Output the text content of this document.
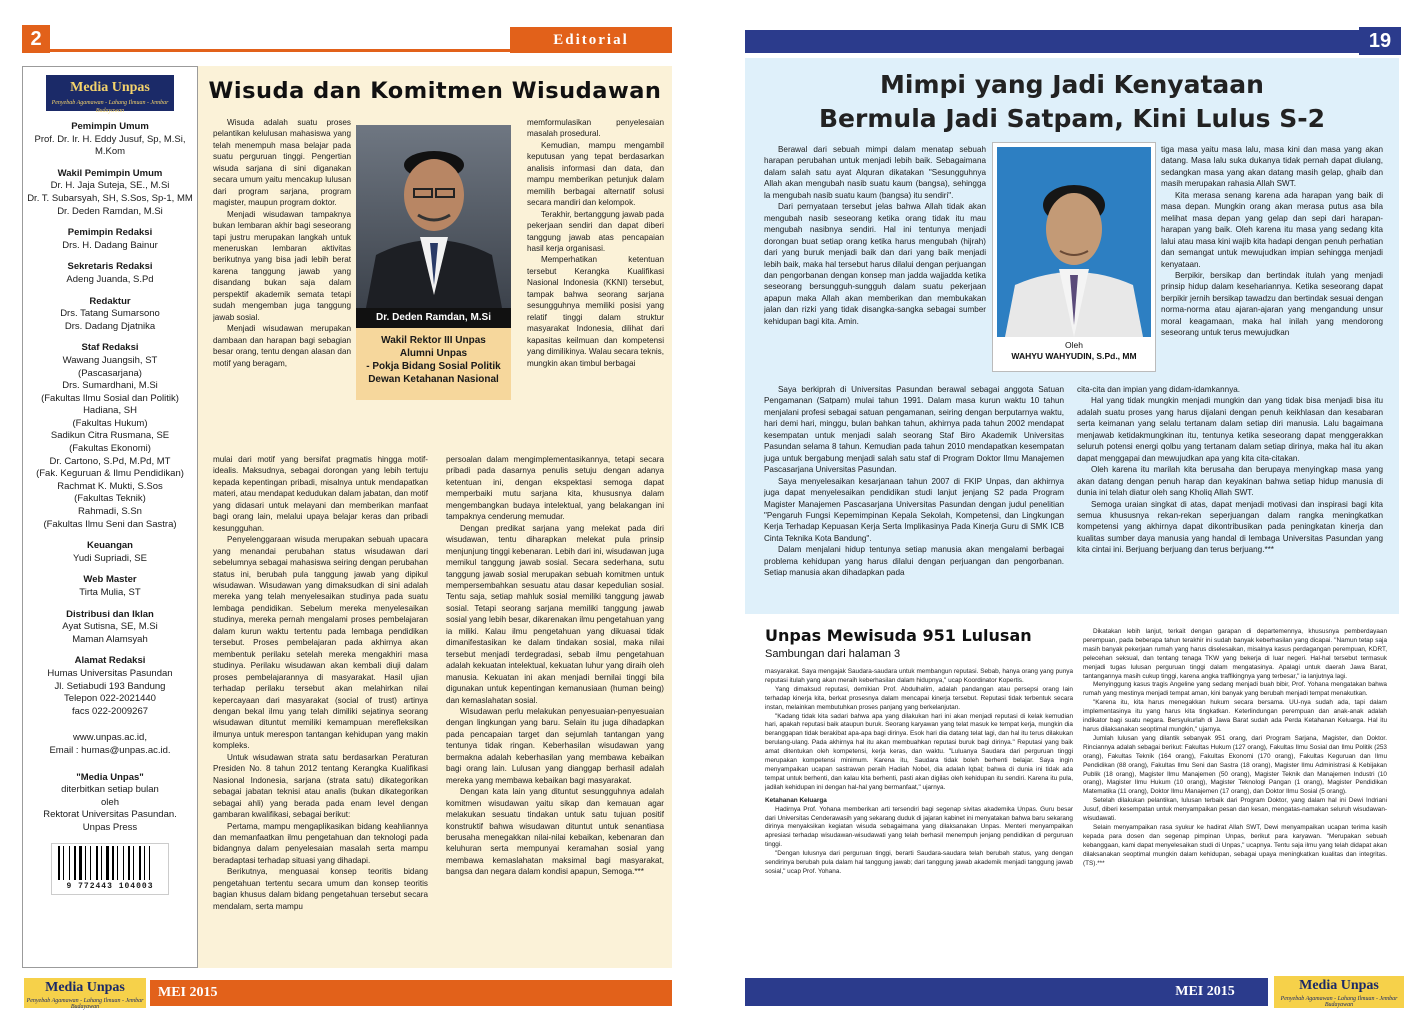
2	Editorial
Media Unpas
Penyebab Agamawan - Lahang Ilmuan - Jembar Budayawan
Pemimpin Umum
Prof. Dr. Ir. H. Eddy Jusuf, Sp, M.Si, M.Kom
Wakil Pemimpin Umum
Dr. H. Jaja Suteja, SE., M.Si
Dr. T. Subarsyah, SH, S.Sos, Sp-1, MM
Dr. Deden Ramdan, M.Si
Pemimpin Redaksi
Drs. H. Dadang Bainur
Sekretaris Redaksi
Adeng Juanda, S.Pd
Redaktur
Drs. Tatang Sumarsono
Drs. Dadang Djatnika
Staf Redaksi
Wawang Juangsih, ST
(Pascasarjana)
Drs. Sumardhani, M.Si
(Fakultas Ilmu Sosial dan Politik)
Hadiana, SH
(Fakultas Hukum)
Sadikun Citra Rusmana, SE
(Fakultas Ekonomi)
Dr. Cartono, S.Pd, M.Pd, MT
(Fak. Keguruan & Ilmu Pendidikan)
Rachmat K. Mukti, S.Sos
(Fakultas Teknik)
Rahmadi, S.Sn
(Fakultas Ilmu Seni dan Sastra)
Keuangan
Yudi Supriadi, SE
Web Master
Tirta Mulia, ST
Distribusi dan Iklan
Ayat Sutisna, SE, M.Si
Maman Alamsyah
Alamat Redaksi
Humas Universitas Pasundan
Jl. Setiabudi 193 Bandung
Telepon 022-2021440
facs 022-2009267
www.unpas.ac.id,
Email : humas@unpas.ac.id.
"Media Unpas"
diterbitkan setiap bulan
oleh
Rektorat Universitas Pasundan.
Unpas Press
9 772443 104003
Wisuda dan Komitmen Wisudawan
Dr. Deden Ramdan, M.Si
Wakil Rektor III Unpas
Alumni Unpas
- Pokja Bidang Sosial Politik
Dewan Ketahanan Nasional

Wisuda adalah suatu proses pelantikan kelulusan mahasiswa yang telah menempuh masa belajar pada suatu perguruan tinggi. Pengertian wisuda sarjana di sini diganakan secara umum yaitu mencakup lulusan dari program sarjana, program magister, maupun program doktor.

Menjadi wisudawan tampaknya bukan lembaran akhir bagi seseorang tapi justru merupakan langkah untuk meneruskan lembaran aktivitas berikutnya yang bisa jadi lebih berat karena tanggung jawab yang disandang bukan saja dalam perspektif akademik semata tetapi sudah mengemban juga tanggung jawab sosial.

Menjadi wisudawan merupakan dambaan dan harapan bagi sebagian besar orang, tentu dengan alasan dan motif yang beragam,

mulai dari motif yang bersifat pragmatis hingga motif-idealis. Maksudnya, sebagai dorongan yang lebih tertuju kepada kepentingan pribadi, misalnya untuk mendapatkan materi, atau mendapat kedudukan dalam jabatan, dan motif yang didasari untuk melayani dan memberikan manfaat bagi orang lain, melalui upaya belajar keras dan pribadi kesungguhan.

Penyelenggaraan wisuda merupakan sebuah upacara yang menandai perubahan status wisudawan dari sebelumnya sebagai mahasiswa seiring dengan perubahan status ini, berubah pula tanggung jawab yang dipikul wisudawan. Wisudawan yang dimaksudkan di sini adalah mereka yang telah menyelesaikan studinya pada suatu lembaga pendidikan. Sebelum mereka menyelesaikan studinya, mereka pernah mengalami proses pembelajaran dalam kurun waktu tertentu pada lembaga pendidikan tersebut. Proses pembelajaran pada akhirnya akan membentuk perilaku setelah mereka mengakhiri masa studinya. Perilaku wisudawan akan kembali diuji dalam proses pembelajarannya di masyarakat. Hasil ujian terhadap perilaku tersebut akan melahirkan nilai kepercayaan dari masyarakat (social of trust) artinya dengan bekal ilmu yang telah dimiliki sejatinya seorang wisudawan dituntut memiliki kemampuan merefleksikan ilmunya untuk merespon tantangan kehidupan yang makin kompleks.

Untuk wisudawan strata satu berdasarkan Peraturan Presiden No. 8 tahun 2012 tentang Kerangka Kualifikasi Nasional Indonesia, sarjana (strata satu) dikategorikan sebagai jabatan teknisi atau analis (bukan dikategorikan sebagai ahli) yang berada pada enam level dengan gambaran kwalifikasi, sebagai berikut:

Pertama, mampu mengaplikasikan bidang keahliannya dan memanfaatkan ilmu pengetahuan dan teknologi pada bidangnya dalam penyelesaian masalah serta mampu beradaptasi terhadap situasi yang dihadapi.

Berikutnya, menguasai konsep teoritis bidang pengetahuan tertentu secara umum dan konsep teoritis bagian khusus dalam bidang pengetahuan tersebut secara mendalam, serta mampu

memformulasikan penyelesaian masalah prosedural.

Kemudian, mampu mengambil keputusan yang tepat berdasarkan analisis informasi dan data, dan mampu memberikan petunjuk dalam memilih berbagai alternatif solusi secara mandiri dan kelompok.

Terakhir, bertanggung jawab pada pekerjaan sendiri dan dapat diberi tanggung jawab atas pencapaian hasil kerja organisasi.

Memperhatikan ketentuan tersebut Kerangka Kualifikasi Nasional Indonesia (KKNI) tersebut, tampak bahwa seorang sarjana sesungguhnya memiliki posisi yang relatif tinggi dalam struktur masyarakat Indonesia, dilihat dari kapasitas keilmuan dan kompetensi yang dimilikinya. Walau secara teknis, mungkin akan timbul berbagai

persoalan dalam mengimplementasikannya, tetapi secara pribadi pada dasarnya penulis setuju dengan adanya ketentuan ini, dengan ekspektasi semoga dapat memperbaiki mutu sarjana kita, khususnya dalam mengembangkan budaya intelektual, yang belakangan ini tampaknya cenderung memudar.

Dengan predikat sarjana yang melekat pada diri wisudawan, tentu diharapkan melekat pula prinsip menjunjung tinggi kebenaran. Lebih dari ini, wisudawan juga memikul tanggung jawab sosial. Secara sederhana, sutu tanggung jawab sosial merupakan sebuah komitmen untuk mempersembahkan sesuatu atau dasar kepedulian sosial. Tentu saja, setiap mahluk sosial memiliki tanggung jawab sosial. Tetapi seorang sarjana memiliki tanggung jawab sosial yang lebih besar, dikarenakan ilmu pengetahuan yang ia miliki. Kalau ilmu pengetahuan yang dikuasai tidak dimanifestasikan ke dalam tindakan sosial, maka nilai tersebut menjadi terdegradasi, sebab ilmu pengetahuan adalah kekuatan intelektual, kekuatan luhur yang diraih oleh manusia. Kekuatan ini akan menjadi bernilai tinggi bila digunakan untuk kepentingan kemanusiaan (human being) dan kemaslahatan sosial.

Wisudawan perlu melakukan penyesuaian-penyesuaian dengan lingkungan yang baru. Selain itu juga dihadapkan pada pencapaian target dan sejumlah tantangan yang tentunya tidak ringan. Keberhasilan wisudawan yang bermakna adalah keberhasilan yang membawa kebaikan bagi orang lain. Lulusan yang dianggap berhasil adalah mereka yang membawa kebaikan bagi masyarakat.

Dengan kata lain yang dituntut sesungguhnya adalah komitmen wisudawan yaitu sikap dan kemauan agar melakukan sesuatu tindakan untuk satu tujuan positif konstruktif bahwa wisudawan dituntut untuk senantiasa berusaha menegakkan nilai-nilai kebaikan, kebenaran dan keluhuran serta mempunyai keramahan sosial yang membawa kemaslahatan maksimal bagi masyarakat, bangsa dan negara dalam kondisi apapun, Semoga.***

Media Unpas
Penyebab Agamawan - Lahang Ilmuan - Jembar Budayawan
MEI 2015
19
Mimpi yang Jadi Kenyataan
Bermula Jadi Satpam, Kini Lulus S-2
Oleh
WAHYU WAHYUDIN, S.Pd., MM

Berawal dari sebuah mimpi dalam menatap sebuah harapan perubahan untuk menjadi lebih baik. Sebagaimana dalam salah satu ayat Alquran dikatakan "Sesungguhnya Allah akan mengubah nasib suatu kaum (bangsa), sehingga la mengubah nasib suatu kaum (bangsa) itu sendiri".

Dari pernyataan tersebut jelas bahwa Allah tidak akan mengubah nasib seseorang ketika orang tidak itu mau mengubah nasibnya sendiri. Hal ini tentunya menjadi dorongan buat setiap orang ketika harus mengubah (hijrah) dari yang buruk menjadi baik dan dari yang baik menjadi lebih baik, maka hal tersebut harus dilalui dengan perjuangan dan pengorbanan dengan konsep man jadda wajjadda ketika seseorang bersungguh-sungguh dalam suatu pekerjaan apapun maka Allah akan memberikan dan membukakan jalan dan rizki yang tidak disangka-sangka sebagai sumber kehidupan bagi kita. Amin.

Saya berkiprah di Universitas Pasundan berawal sebagai anggota Satuan Pengamanan (Satpam) mulai tahun 1991. Dalam masa kurun waktu 10 tahun menjalani profesi sebagai satuan pengamanan, seiring dengan berputarnya waktu, hari demi hari, minggu, bulan bahkan tahun, akhirnya pada tahun 2002 mendapat kesempatan untuk menjadi salah seorang Staf Biro Akademik Universitas Pasundan selama 8 tahun. Kemudian pada tahun 2010 mendapatkan kesempatan juga untuk bergabung menjadi salah satu staf di Program Doktor Ilmu Manajemen Pascasarjana Universitas Pasundan.

Saya menyelesaikan kesarjanaan tahun 2007 di FKIP Unpas, dan akhirnya juga dapat menyelesaikan pendidikan studi lanjut jenjang S2 pada Program Magister Manajemen Pascasarjana Universitas Pasundan dengan judul penelitian "Pengaruh Fungsi Kepemimpinan Kepala Sekolah, Kompetensi, dan Lingkungan Kerja Terhadap Kepuasan Kerja Serta Implikasinya Pada Kinerja Guru di SMK ICB Cinta Teknika Kota Bandung".

Dalam menjalani hidup tentunya setiap manusia akan mengalami berbagai problema kehidupan yang harus dilalui dengan perjuangan dan pengorbanan. Setiap manusia akan dihadapkan pada

tiga masa yaitu masa lalu, masa kini dan masa yang akan datang. Masa lalu suka dukanya tidak pernah dapat diulang, sedangkan masa yang akan datang masih gelap, ghaib dan masih merupakan rahasia Allah SWT.

Kita merasa senang karena ada harapan yang baik di masa depan. Mungkin orang akan merasa putus asa bila melihat masa depan yang gelap dan sepi dari harapan-harapan yang baik. Oleh karena itu masa yang sedang kita lalui atau masa kini wajib kita hadapi dengan penuh perhatian dan semangat untuk mewujudkan impian sehingga menjadi kenyataan.

Berpikir, bersikap dan bertindak itulah yang menjadi prinsip hidup dalam kesehariannya. Ketika seseorang dapat berpikir jernih bersikap tawadzu dan bertindak sesuai dengan norma-norma atau ajaran-ajaran yang mengandung unsur moral keagamaan, maka hal inilah yang mendorong seseorang untuk terus mewujudkan

cita-cita dan impian yang didam-idamkannya.

Hal yang tidak mungkin menjadi mungkin dan yang tidak bisa menjadi bisa itu adalah suatu proses yang harus dijalani dengan penuh keikhlasan dan kesabaran serta keimanan yang selalu tertanam dalam setiap diri manusia. Lalu bagaimana menjawab ketidakmungkinan itu, tentunya ketika seseorang dapat menggerakkan seluruh potensi energi qolbu yang tertanam dalam setiap dirinya, maka hal itu akan dapat menggapai dan mewujudkan apa yang kita cita-citakan.

Oleh karena itu marilah kita berusaha dan berupaya menyingkap masa yang akan datang dengan penuh harap dan keyakinan bahwa setiap hidup manusia di dunia ini telah diatur oleh sang Kholiq Allah SWT.

Semoga uraian singkat di atas, dapat menjadi motivasi dan inspirasi bagi kita semua khususnya rekan-rekan seperjuangan dalam rangka meningkatkan kompetensi yang akhirnya dapat dikontribusikan pada peningkatan kinerja dan kualitas sumber daya manusia yang handal di lembaga Universitas Pasundan yang kita cintai ini. Berjuang berjuang dan terus berjuang.***

Unpas Mewisuda 951 Lulusan
Sambungan dari halaman 3

masyarakat. Saya mengajak Saudara-saudara untuk membangun reputasi. Sebab, hanya orang yang punya reputasi itulah yang akan meraih keberhasilan dalam hidupnya," ucap Koordinator Kopertis.

Yang dimaksud reputasi, demikian Prof. Abdulhalim, adalah pandangan atau persepsi orang lain terhadap kinerja kita, berkat prosesnya dalam mencapai kinerja tersebut. Reputasi tidak terbentuk secara instan, melainkan membutuhkan proses panjang yang berkelanjutan.

"Kadang tidak kita sadari bahwa apa yang dilakukan hari ini akan menjadi reputasi di kelak kemudian hari, apakah reputasi baik ataupun buruk. Seorang karyawan yang telat masuk ke tempat kerja, mungkin dia beranggapan tidak berakibat apa-apa bagi dirinya. Esok hari dia datang telat lagi, dan hal itu terus dilakukan berulang-ulang. Pada akhirnya hal itu akan membuahkan reputasi buruk bagi dirinya." Reputasi yang baik amat ditentukan oleh kompetensi, kerja keras, dan waktu. "Luluanya Saudara dari perguruan tinggi merupakan kompetensi minimum. Karena itu, Saudara tidak boleh berhenti belajar. Saya ingin menyampaikan ucapan sastrawan peraih Hadiah Nobel, dia adalah Iqbal; bahwa di dunia ini tidak ada tempat untuk berhenti, dan kalau kita berhenti, pasti akan digilas oleh kehidupan itu sendiri. Karena itu pula, jadilah kehidupan ini dengan hal-hal yang bermanfaat," ujarnya.

Ketahanan Keluarga

Hadirnya Prof. Yohana memberikan arti tersendiri bagi segenap sivitas akademika Unpas. Guru besar dari Universitas Cenderawasih yang sekarang duduk di jajaran kabinet ini menyatakan bahwa baru sekarang dirinya menyaksikan kegiatan wisuda sebagaimana yang dilaksanakan Unpas. Menteri menyampaikan apresiasi terhadap wisudawan-wisudawati yang telah berhasil menempuh jenjang pendidikan di perguruan tinggi.

"Dengan lulusnya dari perguruan tinggi, berarti Saudara-saudara telah berubah status, yang dengan sendirinya berubah pula dalam hal tanggung jawab; dari tanggung jawab akademik menjadi tanggung jawab sosial," ucap Prof. Yohana.

Dikatakan lebih lanjut, terkait dengan garapan di departemennya, khususnya pemberdayaan perempuan, pada beberapa tahun terakhir ini sudah banyak keberhasilan yang dicapai. "Namun tetap saja masih banyak pekerjaan rumah yang harus diselesaikan, misalnya kasus perdagangan perempuan, KDRT, pelecehan seksual, dan tentang tenaga TKW yang bekerja di luar negeri. Hal-hal tersebut termasuk menjadi tugas lulusan perguruan tinggi dalam mengatasinya. Apalagi untuk daerah Jawa Barat, tantangannya masih cukup tinggi, karena angka traffikingnya yang terbesar," ia lanjutnya lagi.

Menyinggung kasus tragis Angeline yang sedang menjadi buah bibir, Prof. Yohana mengatakan bahwa rumah yang mestinya menjadi tempat aman, kini banyak yang berubah menjadi tempat menakutkan.

"Karena itu, kita harus menegakkan hukum secara bersama. UU-nya sudah ada, tapi dalam implementasinya itu yang harus kita tingkatkan. Keterlindungan perempuan dan anak-anak adalah indikator bagi suatu negara. Bersyukurlah di Jawa Barat sudah ada Perda Ketahanan Keluarga. Hal itu harus dilaksanakan seoptimal mungkin," ujarnya.

Jumlah lulusan yang dilantik sebanyak 951 orang, dari Program Sarjana, Magister, dan Doktor. Rinciannya adalah sebagai berikut: Fakultas Hukum (127 orang), Fakultas Ilmu Sosial dan Ilmu Politik (253 orang), Fakultas Teknik (164 orang), Fakultas Ekonomi (170 orang), Fakultas Keguruan dan Ilmu Pendidikan (88 orang), Fakultas Ilmu Seni dan Sastra (18 orang), Magister Ilmu Administrasi & Kebijakan Publik (18 orang), Magister Ilmu Manajemen (50 orang), Magister Teknik dan Manajemen Industri (10 orang), Magister Ilmu Hukum (10 orang), Magister Teknologi Pangan (1 orang), Magister Pendidikan Matematika (11 orang), Doktor Ilmu Manajemen (17 orang), dan Doktor Ilmu Sosial (5 orang).

Setelah dilakukan pelantikan, lulusan terbaik dari Program Doktor, yang dalam hal ini Dewi Indriani Jusuf, diberi kesempatan untuk menyampaikan pesan dan kesan, mengatas-namakan seluruh wisudawan-wisudawati.

Selain menyampaikan rasa syukur ke hadirat Allah SWT, Dewi menyampaikan ucapan terima kasih kepada para dosen dan segenap pimpinan Unpas, berikut para karyawan. "Merupakan sebuah kebanggaan, kami dapat menyelesaikan studi di Unpas," ucapnya. Tentu saja ilmu yang telah didapat akan dilaksanakan seoptimal mungkin dalam kehidupan, sebagai upaya meningkatkan kualitas dan integritas. (TS).***

MEI 2015	Media Unpas
Penyebab Agamawan - Lahang Ilmuan - Jembar Budayawan
